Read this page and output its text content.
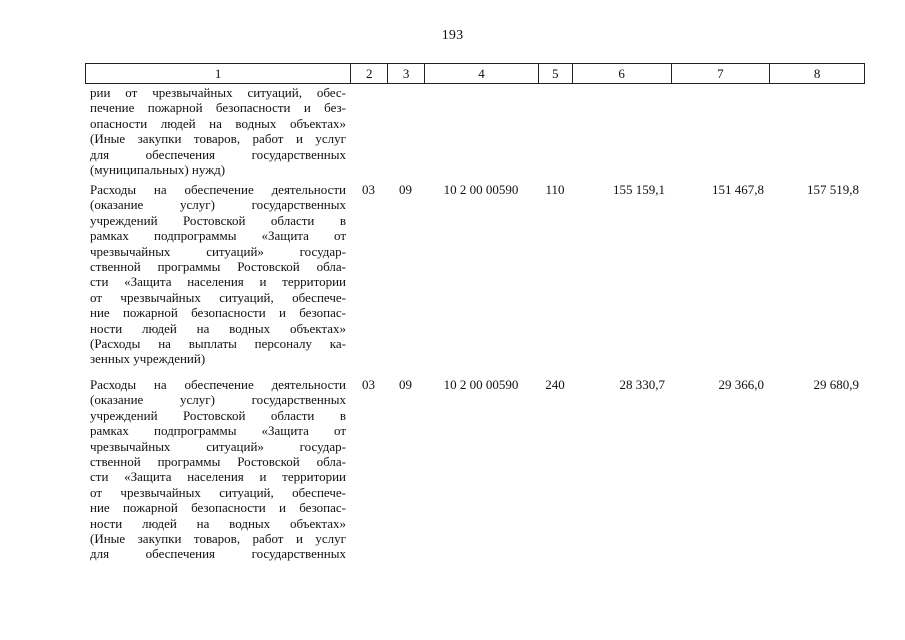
193
1	2	3	4	5	6	7	8
рии от чрезвычайных ситуаций, обес-
печение пожарной безопасности и без-
опасности людей на водных объектах»
(Иные закупки товаров, работ и услуг
для обеспечения государственных
(муниципальных) нужд)
Расходы на обеспечение деятельности
(оказание услуг) государственных
учреждений Ростовской области в
рамках подпрограммы «Защита от
чрезвычайных ситуаций» государ-
ственной программы Ростовской обла-
сти «Защита населения и территории
от чрезвычайных ситуаций, обеспече-
ние пожарной безопасности и безопас-
ности людей на водных объектах»
(Расходы на выплаты персоналу ка-
зенных учреждений)
03	09	10 2 00 00590	110	155 159,1	151 467,8	157 519,8
Расходы на обеспечение деятельности
(оказание услуг) государственных
учреждений Ростовской области в
рамках подпрограммы «Защита от
чрезвычайных ситуаций» государ-
ственной программы Ростовской обла-
сти «Защита населения и территории
от чрезвычайных ситуаций, обеспече-
ние пожарной безопасности и безопас-
ности людей на водных объектах»
(Иные закупки товаров, работ и услуг
для обеспечения государственных
03	09	10 2 00 00590	240	28 330,7	29 366,0	29 680,9
